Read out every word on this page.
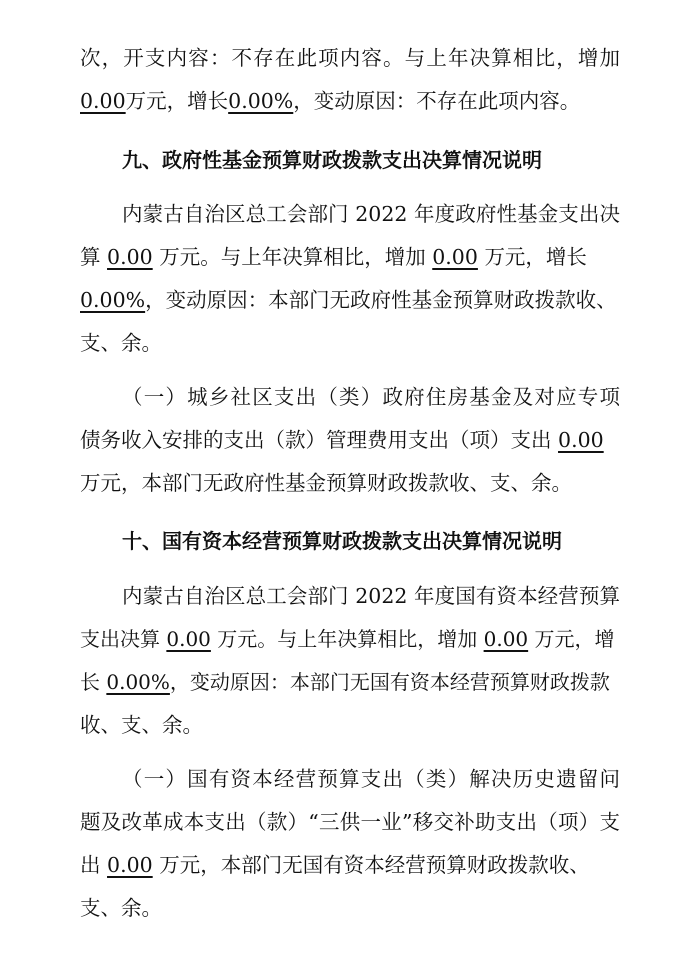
次，开支内容：不存在此项内容。与上年决算相比，增加
0.00万元，增长0.00%，变动原因：不存在此项内容。
九、政府性基金预算财政拨款支出决算情况说明
内蒙古自治区总工会部门 2022 年度政府性基金支出决
算 0.00 万元。与上年决算相比，增加 0.00 万元，增长
0.00%，变动原因：本部门无政府性基金预算财政拨款收、
支、余。
（一）城乡社区支出（类）政府住房基金及对应专项
债务收入安排的支出（款）管理费用支出（项）支出 0.00
万元，本部门无政府性基金预算财政拨款收、支、余。
十、国有资本经营预算财政拨款支出决算情况说明
内蒙古自治区总工会部门 2022 年度国有资本经营预算
支出决算 0.00 万元。与上年决算相比，增加 0.00 万元，增
长 0.00%，变动原因：本部门无国有资本经营预算财政拨款
收、支、余。
（一）国有资本经营预算支出（类）解决历史遗留问
题及改革成本支出（款）“三供一业”移交补助支出（项）支
出 0.00 万元，本部门无国有资本经营预算财政拨款收、
支、余。
